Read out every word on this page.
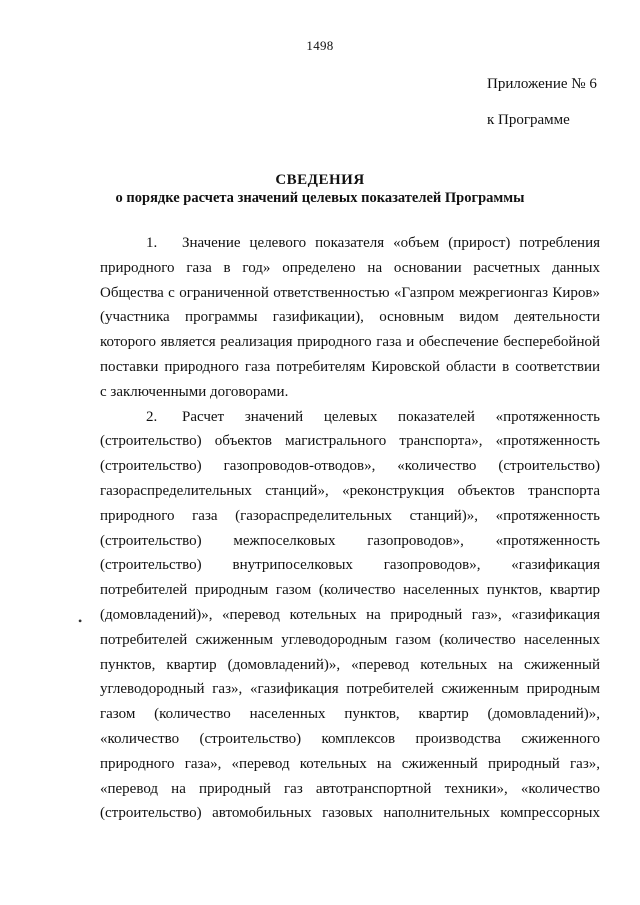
1498
Приложение № 6
к Программе
СВЕДЕНИЯ
о порядке расчета значений целевых показателей Программы
1. Значение целевого показателя «объем (прирост) потребления
природного газа в год» определено на основании расчетных данных
Общества с ограниченной ответственностью «Газпром межрегионгаз Киров»
(участника программы газификации), основным видом деятельности
которого является реализация природного газа и обеспечение бесперебойной
поставки природного газа потребителям Кировской области в соответствии
с заключенными договорами.
2. Расчет значений целевых показателей «протяженность
(строительство) объектов магистрального транспорта», «протяженность
(строительство) газопроводов-отводов», «количество (строительство)
газораспределительных станций», «реконструкция объектов транспорта
природного газа (газораспределительных станций)», «протяженность
(строительство) межпоселковых газопроводов», «протяженность
(строительство) внутрипоселковых газопроводов», «газификация
потребителей природным газом (количество населенных пунктов, квартир
(домовладений)», «перевод котельных на природный газ», «газификация
потребителей сжиженным углеводородным газом (количество населенных
пунктов, квартир (домовладений)», «перевод котельных на сжиженный
углеводородный газ», «газификация потребителей сжиженным природным
газом (количество населенных пунктов, квартир (домовладений)»,
«количество (строительство) комплексов производства сжиженного
природного газа», «перевод котельных на сжиженный природный газ»,
«перевод на природный газ автотранспортной техники», «количество
(строительство) автомобильных газовых наполнительных компрессорных
•
